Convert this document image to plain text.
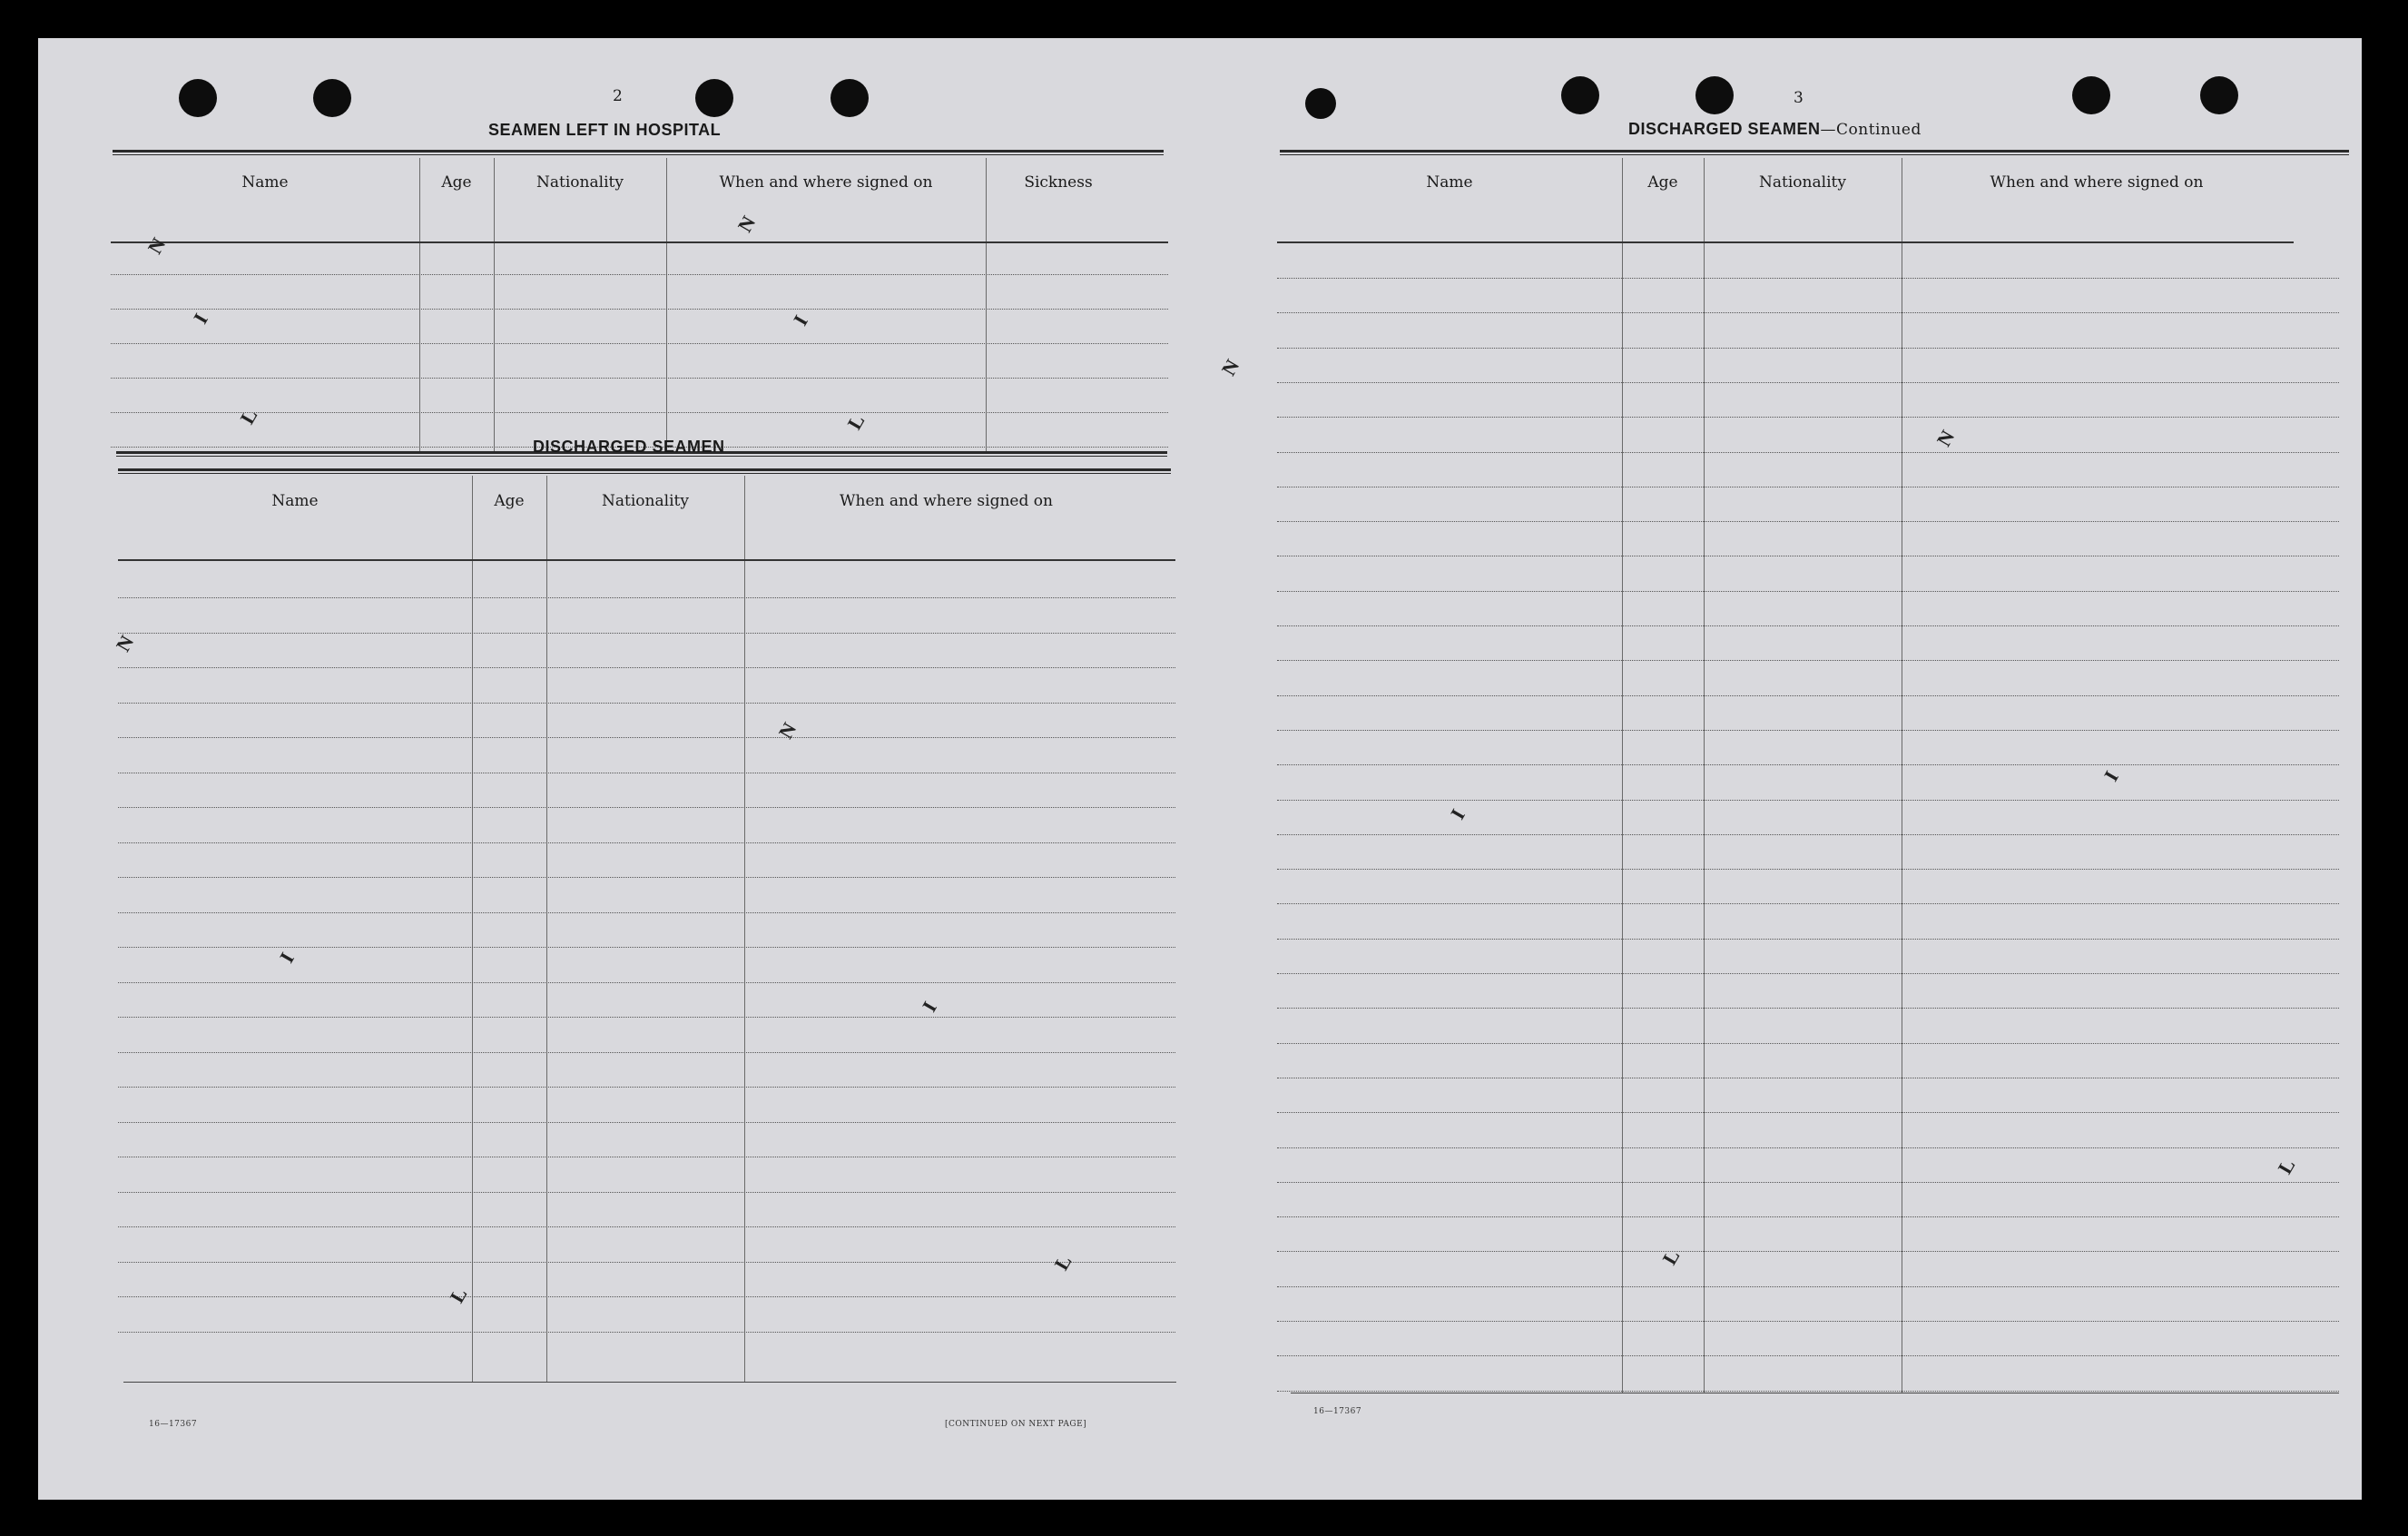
2
SEAMEN LEFT IN HOSPITAL
Name	Age	Nationality	When and where signed on	Sickness
DISCHARGED SEAMEN
Name	Age	Nationality	When and where signed on
16—17367	[CONTINUED ON NEXT PAGE]
3
DISCHARGED SEAMEN—Continued
Name	Age	Nationality	When and where signed on
16—17367
N
I
L
N
I
L
N
I
L
N
I
L
N
I
L
N
I
L
